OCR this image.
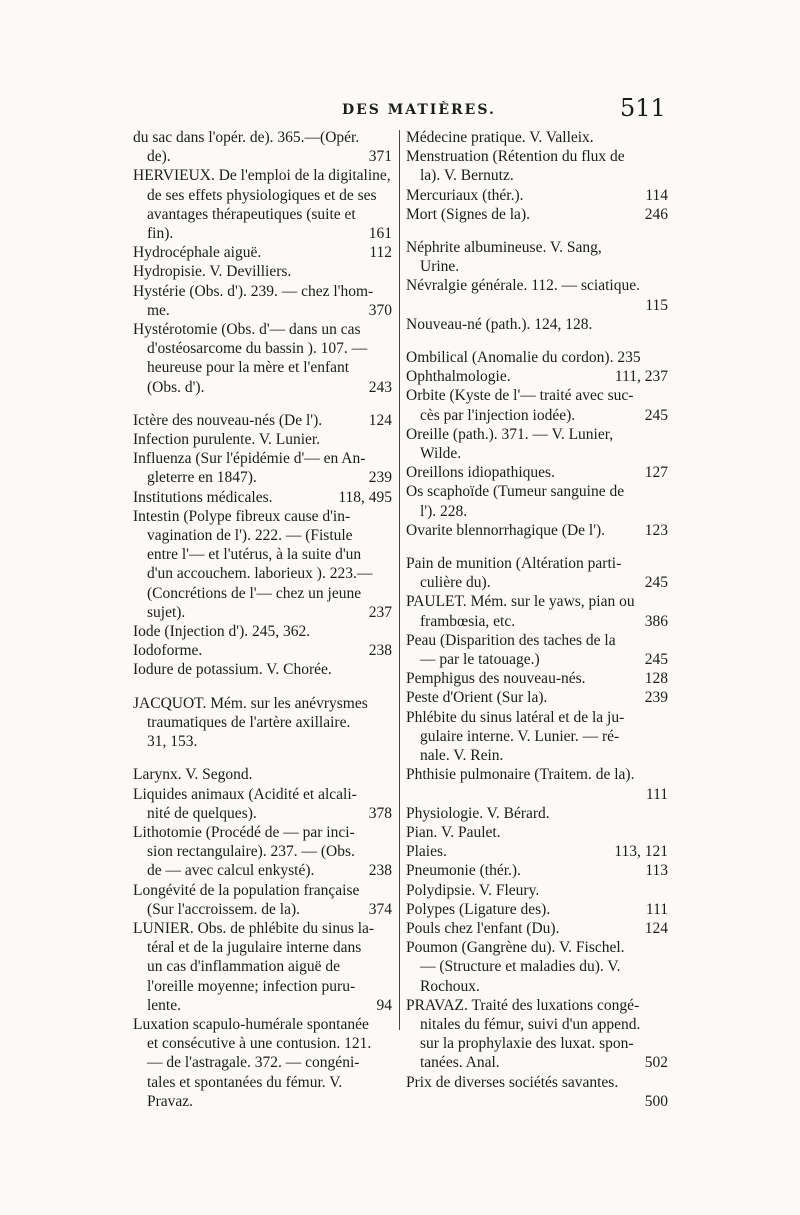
DES MATIÈRES.	511
du sac dans l'opér. de). 365.—(Opér.
371
de).
HERVIEUX. De l'emploi de la digitaline,
de ses effets physiologiques et de ses
avantages thérapeutiques (suite et
161
fin).
112
Hydrocéphale aiguë.
Hydropisie. V. Devilliers.
Hystérie (Obs. d'). 239. — chez l'hom-
370
me.
Hystérotomie (Obs. d'— dans un cas
d'ostéosarcome du bassin ). 107. —
heureuse pour la mère et l'enfant
243
(Obs. d').
124
Ictère des nouveau-nés (De l').
Infection purulente. V. Lunier.
Influenza (Sur l'épidémie d'— en An-
239
gleterre en 1847).
118, 495
Institutions médicales.
Intestin (Polype fibreux cause d'in-
vagination de l'). 222. — (Fistule
entre l'— et l'utérus, à la suite d'un
d'un accouchem. laborieux ). 223.—
(Concrétions de l'— chez un jeune
237
sujet).
Iode (Injection d'). 245, 362.
238
Iodoforme.
Iodure de potassium. V. Chorée.
JACQUOT. Mém. sur les anévrysmes
traumatiques de l'artère axillaire.
31, 153.
Larynx. V. Segond.
Liquides animaux (Acidité et alcali-
378
nité de quelques).
Lithotomie (Procédé de — par inci-
sion rectangulaire). 237. — (Obs.
238
de — avec calcul enkysté).
Longévité de la population française
374
(Sur l'accroissem. de la).
LUNIER. Obs. de phlébite du sinus la-
téral et de la jugulaire interne dans
un cas d'inflammation aiguë de
l'oreille moyenne; infection puru-
94
lente.
Luxation scapulo-humérale spontanée
et consécutive à une contusion. 121.
— de l'astragale. 372. — congéni-
tales et spontanées du fémur. V.
Pravaz.
Médecine pratique. V. Valleix.
Menstruation (Rétention du flux de
la). V. Bernutz.
114
Mercuriaux (thér.).
246
Mort (Signes de la).
Néphrite albumineuse. V. Sang,
Urine.
Névralgie générale. 112. — sciatique.
115
Nouveau-né (path.). 124, 128.
Ombilical (Anomalie du cordon). 235
111, 237
Ophthalmologie.
Orbite (Kyste de l'— traité avec suc-
245
cès par l'injection iodée).
Oreille (path.). 371. — V. Lunier,
Wilde.
127
Oreillons idiopathiques.
Os scaphoïde (Tumeur sanguine de
l'). 228.
123
Ovarite blennorrhagique (De l').
Pain de munition (Altération parti-
245
culière du).
PAULET. Mém. sur le yaws, pian ou
386
frambœsia, etc.
Peau (Disparition des taches de la
245
— par le tatouage.)
128
Pemphigus des nouveau-nés.
239
Peste d'Orient (Sur la).
Phlébite du sinus latéral et de la ju-
gulaire interne. V. Lunier. — ré-
nale. V. Rein.
Phthisie pulmonaire (Traitem. de la).
111
Physiologie. V. Bérard.
Pian. V. Paulet.
113, 121
Plaies.
113
Pneumonie (thér.).
Polydipsie. V. Fleury.
111
Polypes (Ligature des).
124
Pouls chez l'enfant (Du).
Poumon (Gangrène du). V. Fischel.
— (Structure et maladies du). V.
Rochoux.
PRAVAZ. Traité des luxations congé-
nitales du fémur, suivi d'un append.
sur la prophylaxie des luxat. spon-
502
tanées. Anal.
Prix de diverses sociétés savantes.
500
